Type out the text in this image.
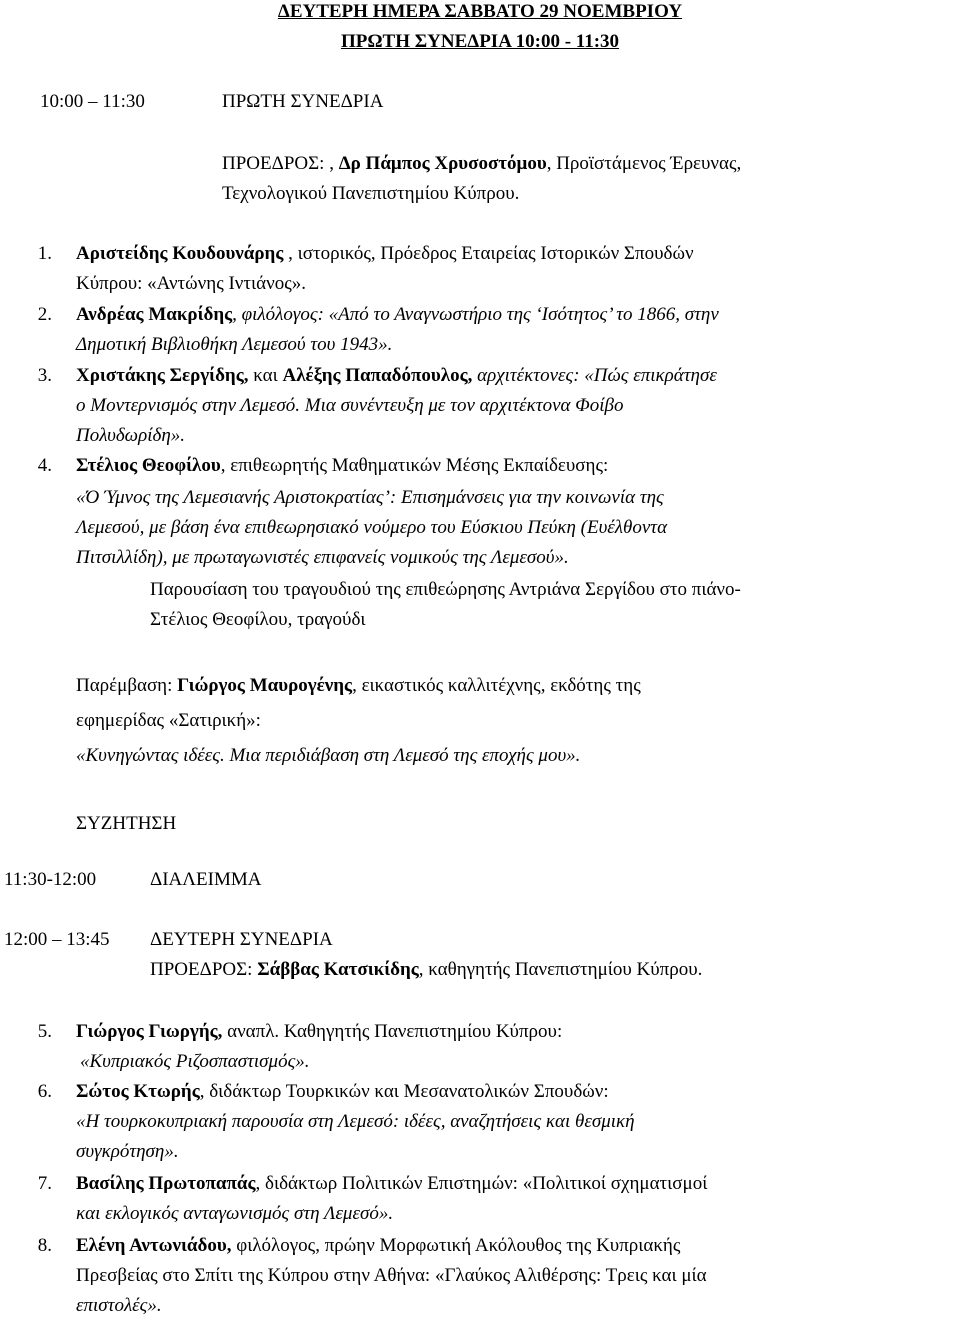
ΔΕΥΤΕΡΗ ΗΜΕΡΑ ΣΑΒΒΑΤΟ 29 ΝΟΕΜΒΡΙΟΥ
ΠΡΩΤΗ ΣΥΝΕΔΡΙΑ 10:00 - 11:30
10:00 – 11:30	ΠΡΩΤΗ ΣΥΝΕΔΡΙΑ
ΠΡΟΕΔΡΟΣ: , Δρ Πάμπος Χρυσοστόμου, Προϊστάμενος Έρευνας,
Τεχνολογικού Πανεπιστημίου Κύπρου.
1. Αριστείδης Κουδουνάρης , ιστορικός, Πρόεδρος Εταιρείας Ιστορικών Σπουδών
Κύπρου: «Αντώνης Ιντιάνος».
2. Ανδρέας Μακρίδης, φιλόλογος: «Από το Αναγνωστήριο της ‘Ισότητος’ το 1866, στην
Δημοτική Βιβλιοθήκη Λεμεσού του 1943».
3. Χριστάκης Σεργίδης, και Αλέξης Παπαδόπουλος, αρχιτέκτονες: «Πώς επικράτησε
ο Μοντερνισμός στην Λεμεσό. Μια συνέντευξη με τον αρχιτέκτονα Φοίβο
Πολυδωρίδη».
4. Στέλιος Θεοφίλου, επιθεωρητής Μαθηματικών Μέσης Εκπαίδευσης:
«Ό Ύμνος της Λεμεσιανής Αριστοκρατίας’: Επισημάνσεις για την κοινωνία της
Λεμεσού, με βάση ένα επιθεωρησιακό νούμερο του Εύσκιου Πεύκη (Ευέλθοντα
Πιτσιλλίδη), με πρωταγωνιστές επιφανείς νομικούς της Λεμεσού».
Παρουσίαση του τραγουδιού της επιθεώρησης Αντριάνα Σεργίδου στο πιάνο-
Στέλιος Θεοφίλου, τραγούδι
Παρέμβαση: Γιώργος Μαυρογένης, εικαστικός καλλιτέχνης, εκδότης της
εφημερίδας «Σατιρική»:
«Κυνηγώντας ιδέες. Μια περιδιάβαση στη Λεμεσό της εποχής μου».
ΣΥΖΗΤΗΣΗ
11:30-12:00	ΔΙΑΛΕΙΜΜΑ
12:00 – 13:45 ΔΕΥΤΕΡΗ ΣΥΝΕΔΡΙΑ
ΠΡΟΕΔΡΟΣ: Σάββας Κατσικίδης, καθηγητής Πανεπιστημίου Κύπρου.
5. Γιώργος Γιωργής, αναπλ. Καθηγητής Πανεπιστημίου Κύπρου:
«Κυπριακός Ριζοσπαστισμός».
6. Σώτος Κτωρής, διδάκτωρ Τουρκικών και Μεσανατολικών Σπουδών:
«Η τουρκοκυπριακή παρουσία στη Λεμεσό: ιδέες, αναζητήσεις και θεσμική
συγκρότηση».
7. Βασίλης Πρωτοπαπάς, διδάκτωρ Πολιτικών Επιστημών: «Πολιτικοί σχηματισμοί
και εκλογικός ανταγωνισμός στη Λεμεσό».
8. Ελένη Αντωνιάδου, φιλόλογος, πρώην Μορφωτική Ακόλουθος της Κυπριακής
Πρεσβείας στο Σπίτι της Κύπρου στην Αθήνα: «Γλαύκος Αλιθέρσης: Τρεις και μία
επιστολές».
